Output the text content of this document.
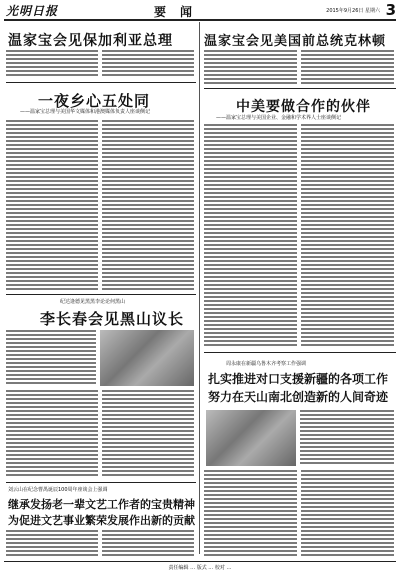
光明日报	要闻	2015年9月26日 星期六 3
温家宝会见保加利亚总理 温家宝会见美国前总统克林顿
一夜乡心五处同
——温家宝总理与美国华文媒体和港澳媒体负责人座谈侧记	中美要做合作的伙伴
——温家宝总理与美国企业、金融和学术界人士座谈侧记
纪达逢德见黑黑李论论何黑山
李长春会见黑山议长
周永康在新疆乌鲁木齐考察工作强调
扎实推进对口支援新疆的各项工作
努力在天山南北创造新的人间奇迹
刘云山在纪念曹禺诞辰100周年座谈会上强调
继承发扬老一辈文艺工作者的宝贵精神
为促进文艺事业繁荣发展作出新的贡献
责任编辑 … 版式 … 校对 …
